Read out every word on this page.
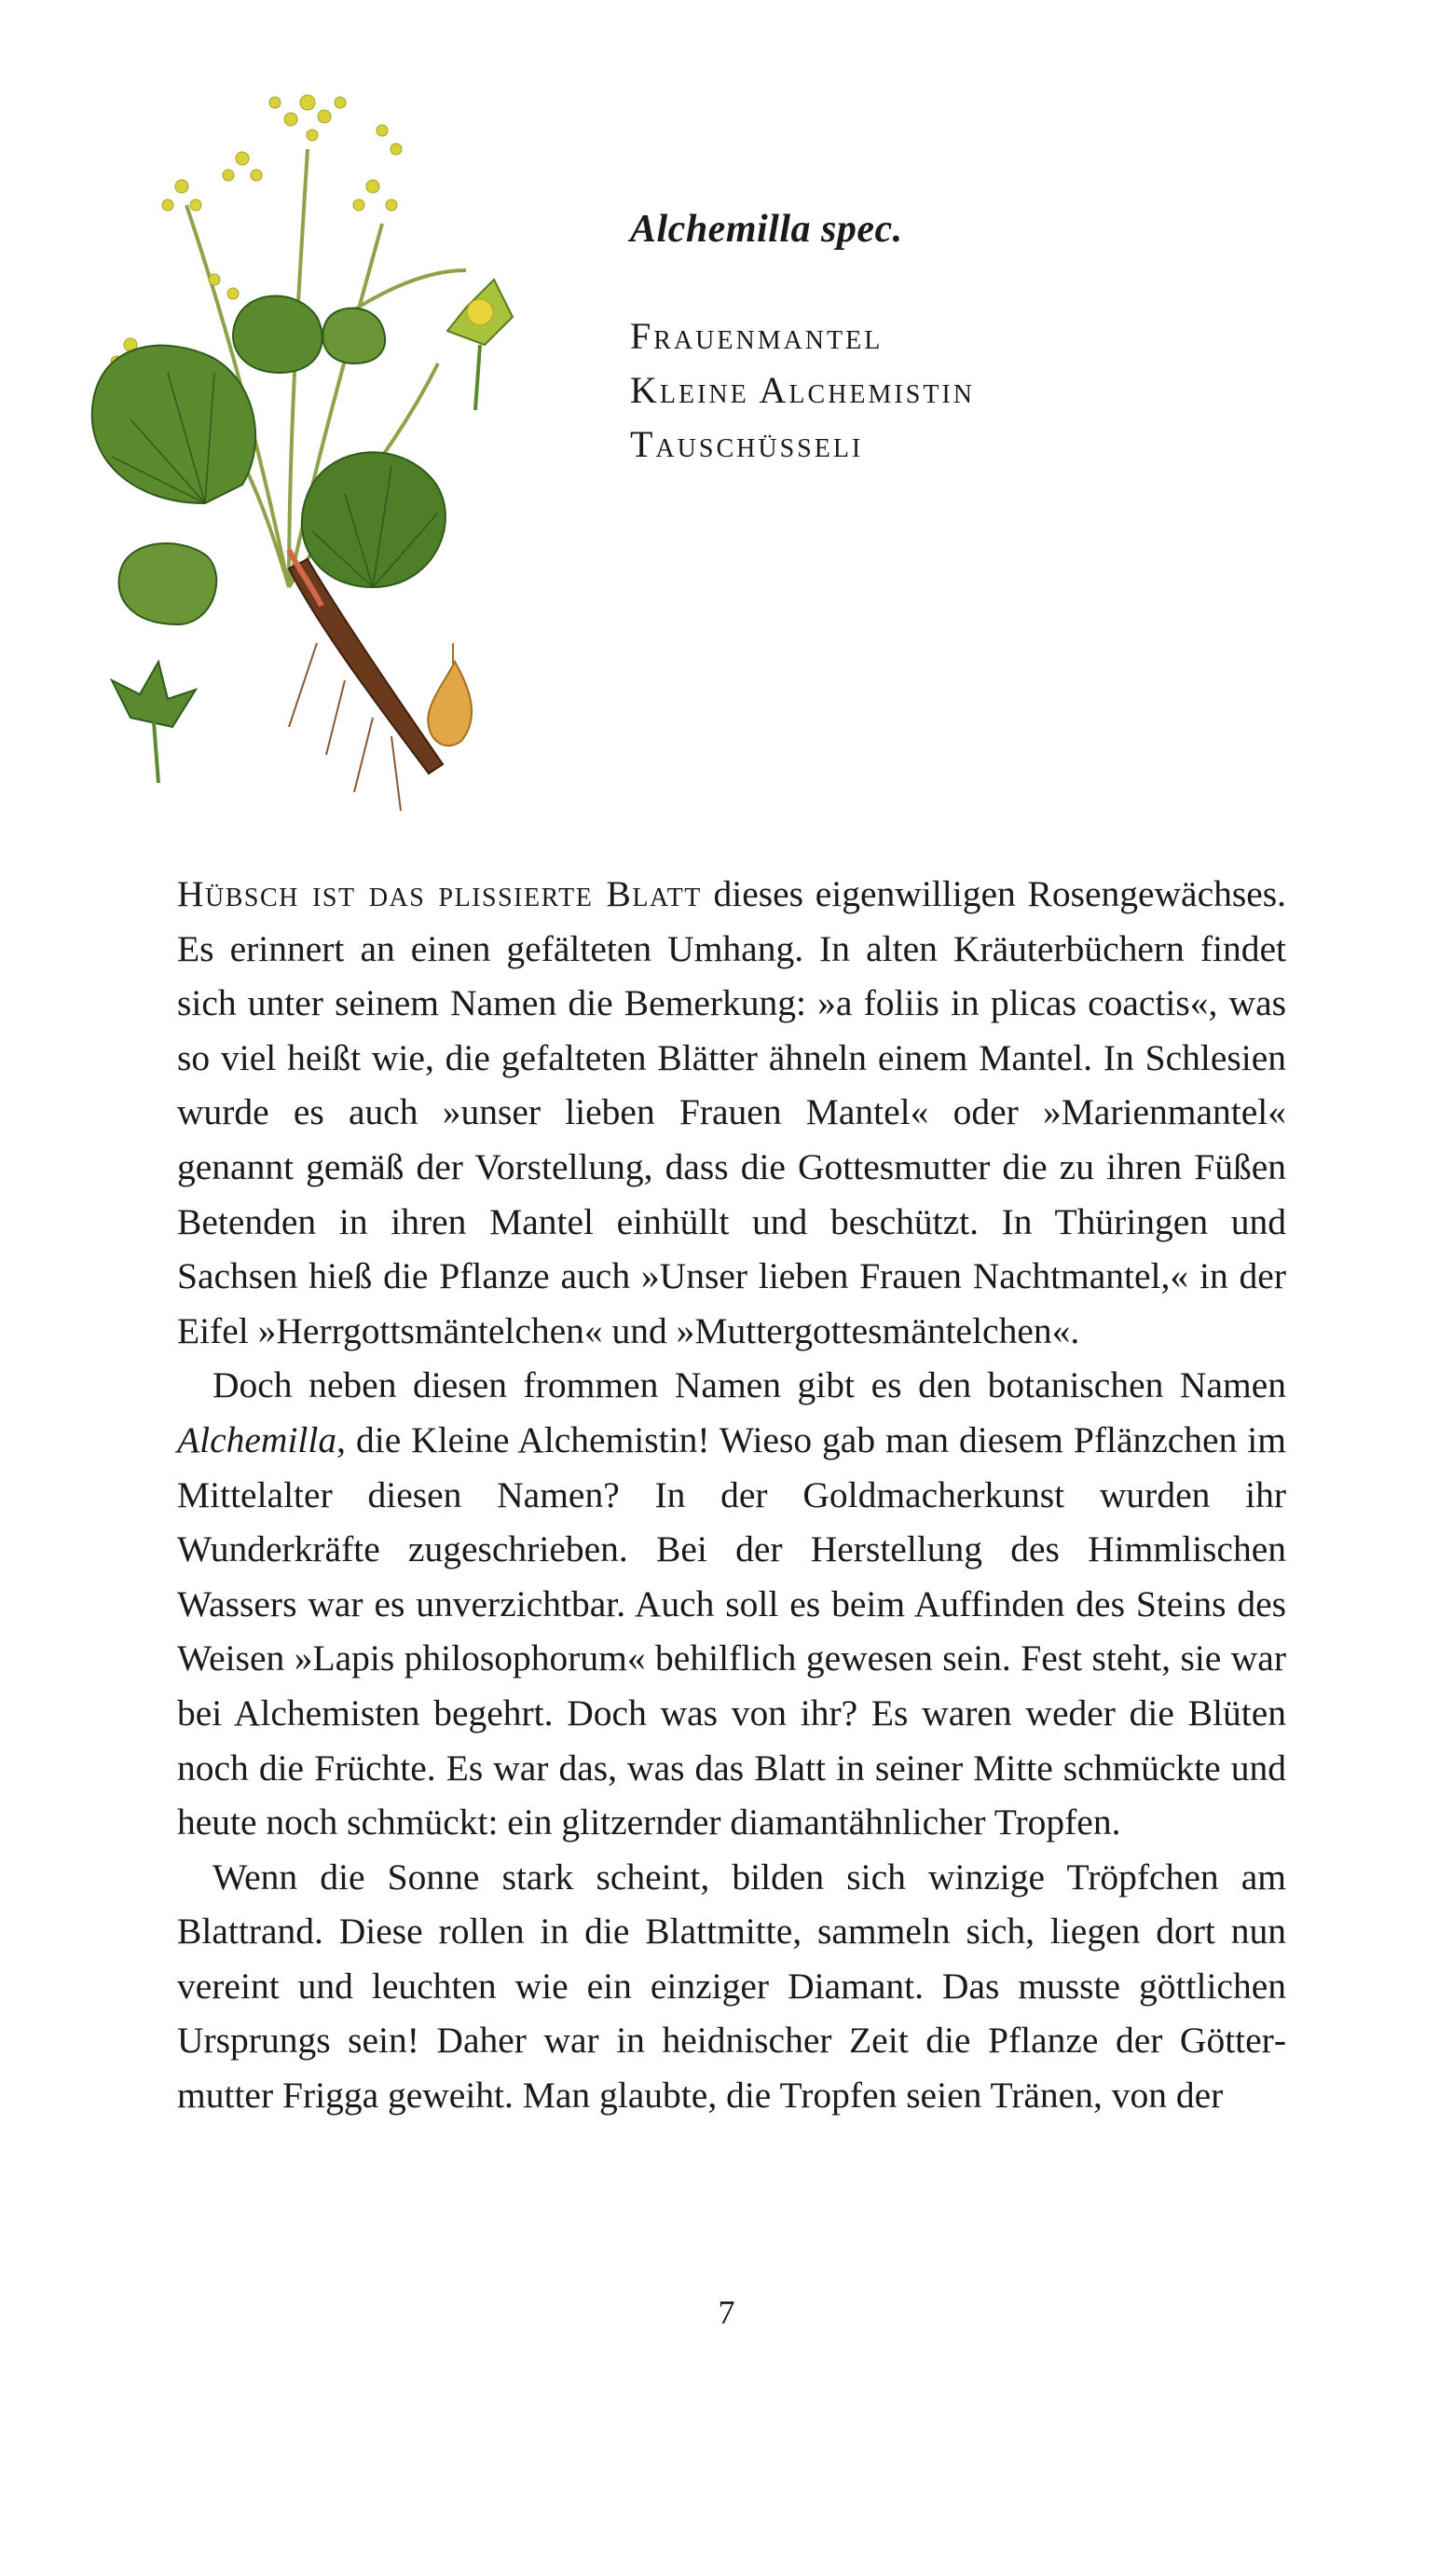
Alchemilla spec.
Frauenmantel
Kleine Alchemistin
Tauschüsseli

Hübsch ist das plissierte Blatt dieses eigenwilligen Rosengewächses. Es erinnert an einen gefälteten Umhang. In alten Kräuterbüchern findet sich unter seinem Namen die Bemerkung: »a foliis in plicas coactis«, was so viel heißt wie, die gefalteten Blätter ähneln einem Mantel. In Schlesien wurde es auch »unser lieben Frauen Mantel« oder »Marienmantel« genannt gemäß der Vorstellung, dass die Gottesmutter die zu ihren Füßen Betenden in ihren Mantel einhüllt und beschützt. In Thüringen und Sachsen hieß die Pflanze auch »Unser lieben Frauen Nachtmantel,« in der Eifel »Herrgottsmäntelchen« und »Muttergottesmäntelchen«.

Doch neben diesen frommen Namen gibt es den botanischen Namen Alchemilla, die Kleine Alchemistin! Wieso gab man diesem Pflänzchen im Mittelalter diesen Namen? In der Goldmacherkunst wurden ihr Wunderkräfte zugeschrieben. Bei der Herstellung des Himmlischen Wassers war es unverzichtbar. Auch soll es beim Auffinden des Steins des Weisen »Lapis philosophorum« behilflich gewesen sein. Fest steht, sie war bei Alchemisten begehrt. Doch was von ihr? Es waren weder die Blüten noch die Früchte. Es war das, was das Blatt in seiner Mitte schmückte und heute noch schmückt: ein glitzernder diamantähnlicher Tropfen.

Wenn die Sonne stark scheint, bilden sich winzige Tröpfchen am Blattrand. Diese rollen in die Blattmitte, sammeln sich, liegen dort nun vereint und leuchten wie ein einziger Diamant. Das musste göttlichen Ursprungs sein! Daher war in heidnischer Zeit die Pflanze der Göttermutter Frigga geweiht. Man glaubte, die Tropfen seien Tränen, von der

7
